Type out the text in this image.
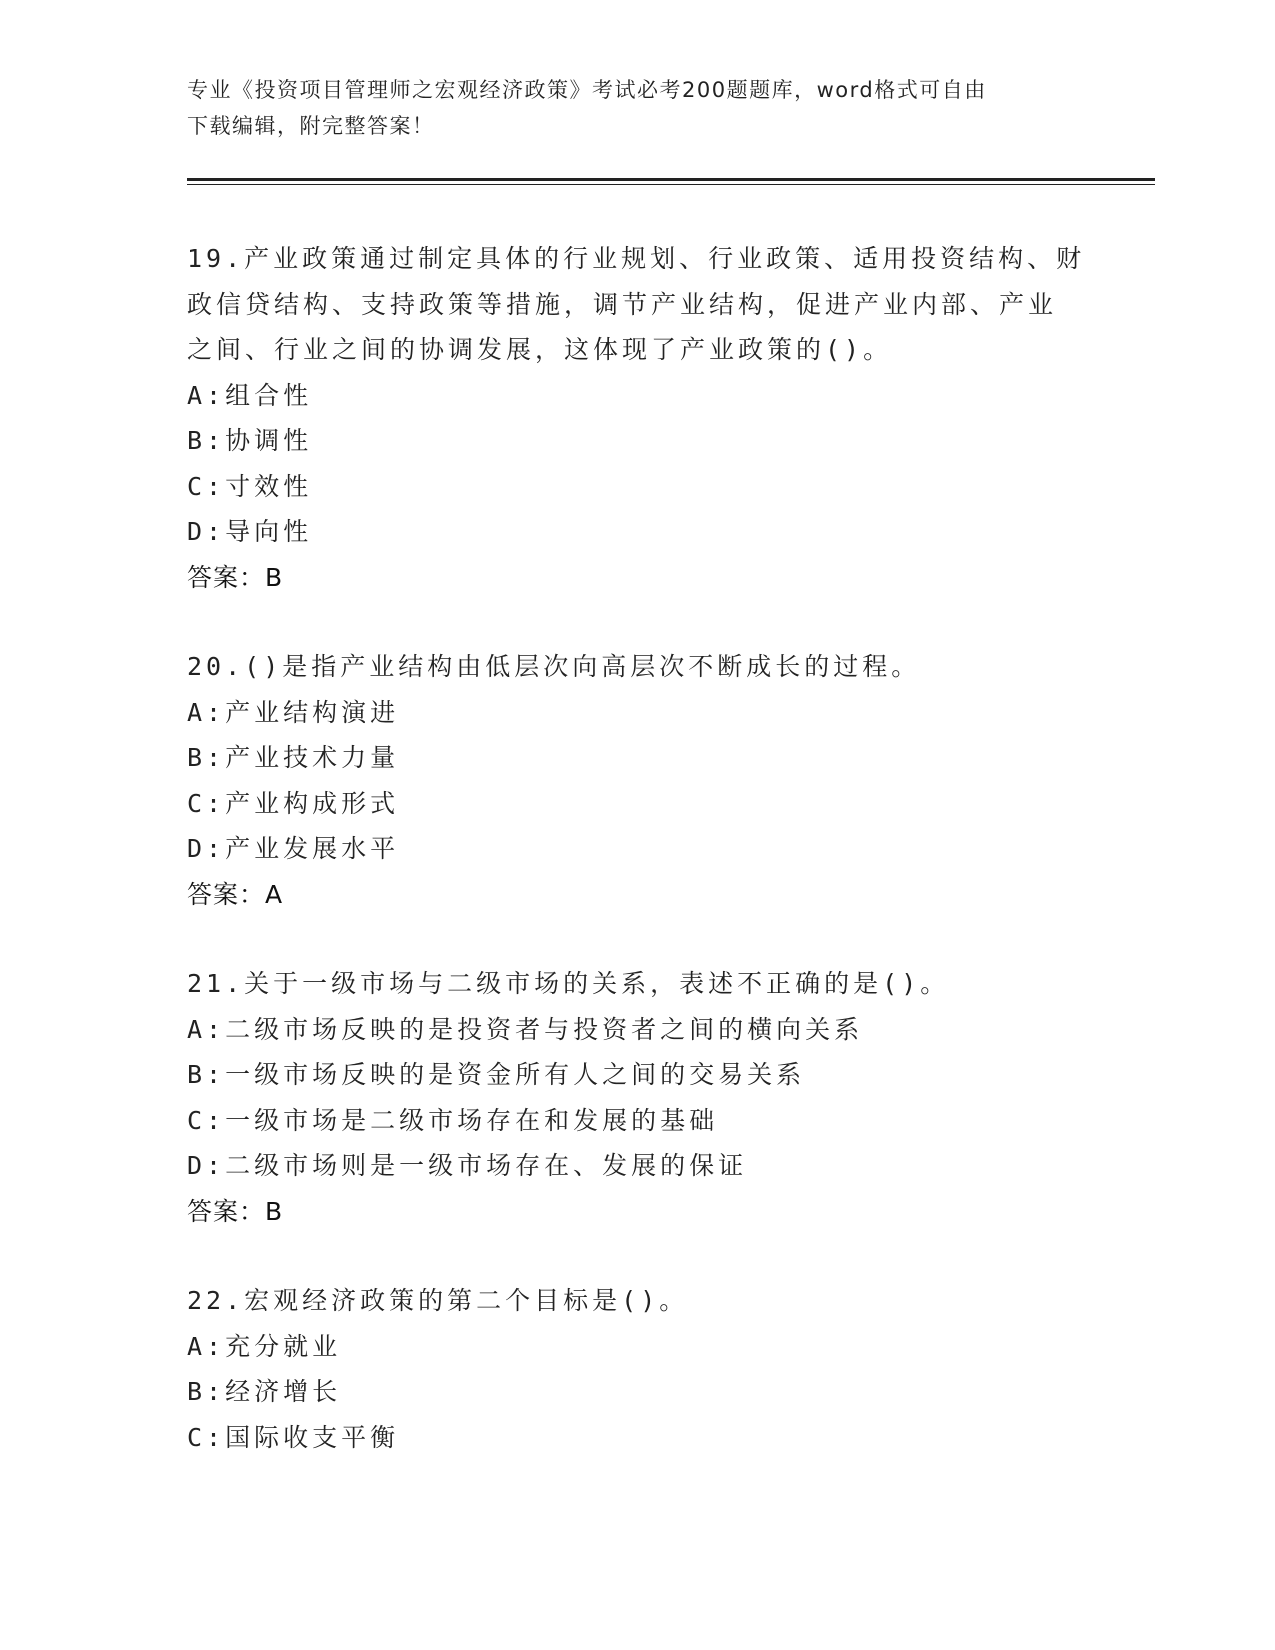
专业《投资项目管理师之宏观经济政策》考试必考200题题库，word格式可自由
下载编辑，附完整答案！

19.产业政策通过制定具体的行业规划、行业政策、适用投资结构、财

政信贷结构、支持政策等措施，调节产业结构，促进产业内部、产业

之间、行业之间的协调发展，这体现了产业政策的()。

A:组合性

B:协调性

C:寸效性

D:导向性

答案：B

20.()是指产业结构由低层次向高层次不断成长的过程。

A:产业结构演进

B:产业技术力量

C:产业构成形式

D:产业发展水平

答案：A

21.关于一级市场与二级市场的关系，表述不正确的是()。

A:二级市场反映的是投资者与投资者之间的横向关系

B:一级市场反映的是资金所有人之间的交易关系

C:一级市场是二级市场存在和发展的基础

D:二级市场则是一级市场存在、发展的保证

答案：B

22.宏观经济政策的第二个目标是()。

A:充分就业

B:经济增长

C:国际收支平衡
